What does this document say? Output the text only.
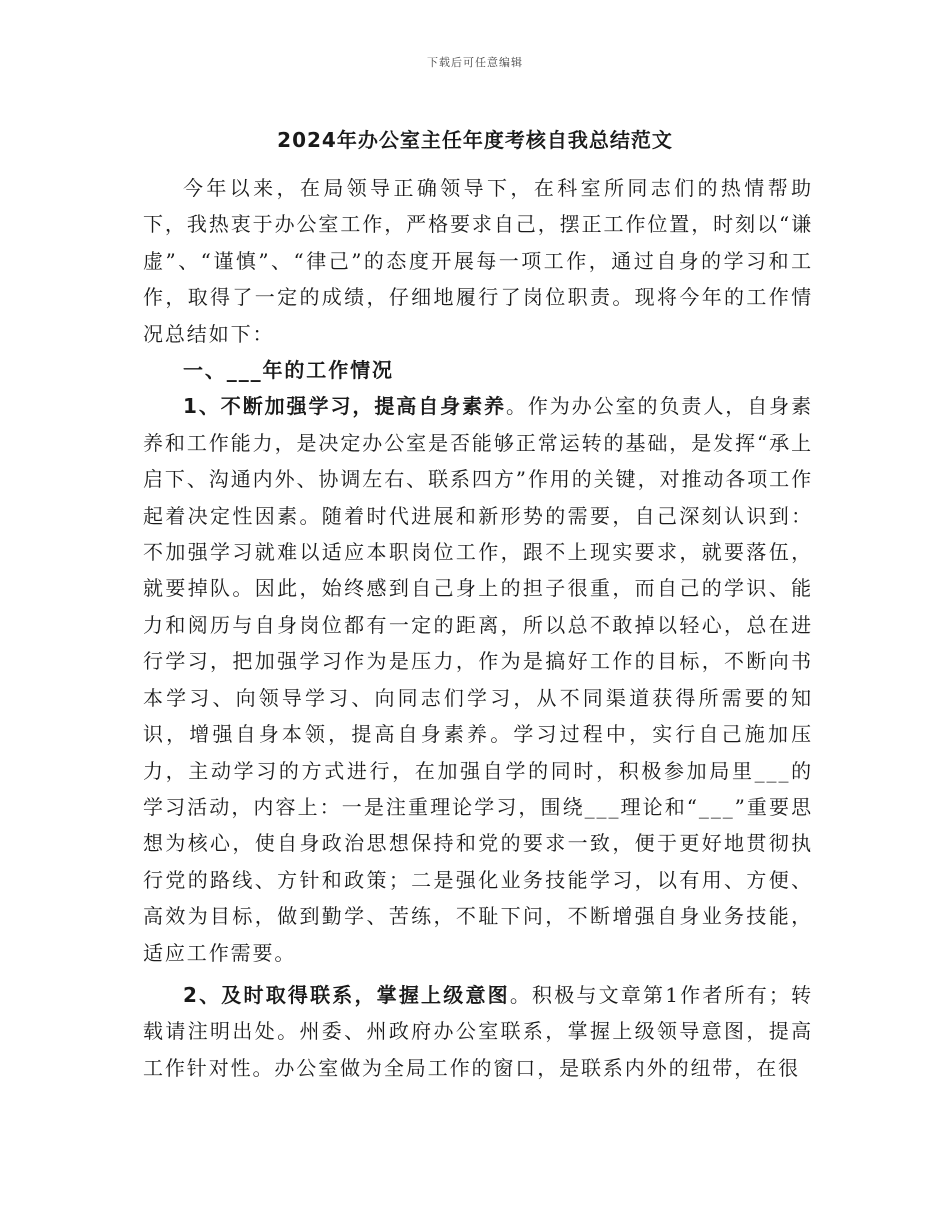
下载后可任意编辑
2024年办公室主任年度考核自我总结范文

今年以来，在局领导正确领导下，在科室所同志们的热情帮助下，我热衷于办公室工作，严格要求自己，摆正工作位置，时刻以“谦虚”、“谨慎”、“律己”的态度开展每一项工作，通过自身的学习和工作，取得了一定的成绩，仔细地履行了岗位职责。现将今年的工作情况总结如下：

一、___年的工作情况

1、不断加强学习，提高自身素养。作为办公室的负责人，自身素养和工作能力，是决定办公室是否能够正常运转的基础，是发挥“承上启下、沟通内外、协调左右、联系四方”作用的关键，对推动各项工作起着决定性因素。随着时代进展和新形势的需要，自己深刻认识到：不加强学习就难以适应本职岗位工作，跟不上现实要求，就要落伍，就要掉队。因此，始终感到自己身上的担子很重，而自己的学识、能力和阅历与自身岗位都有一定的距离，所以总不敢掉以轻心，总在进行学习，把加强学习作为是压力，作为是搞好工作的目标，不断向书本学习、向领导学习、向同志们学习，从不同渠道获得所需要的知识，增强自身本领，提高自身素养。学习过程中，实行自己施加压力，主动学习的方式进行，在加强自学的同时，积极参加局里___的学习活动，内容上：一是注重理论学习，围绕___理论和“___”重要思想为核心，使自身政治思想保持和党的要求一致，便于更好地贯彻执行党的路线、方针和政策；二是强化业务技能学习，以有用、方便、高效为目标，做到勤学、苦练，不耻下问，不断增强自身业务技能，适应工作需要。

2、及时取得联系，掌握上级意图。积极与文章第1作者所有；转载请注明出处。州委、州政府办公室联系，掌握上级领导意图，提高工作针对性。办公室做为全局工作的窗口，是联系内外的纽带，在很
